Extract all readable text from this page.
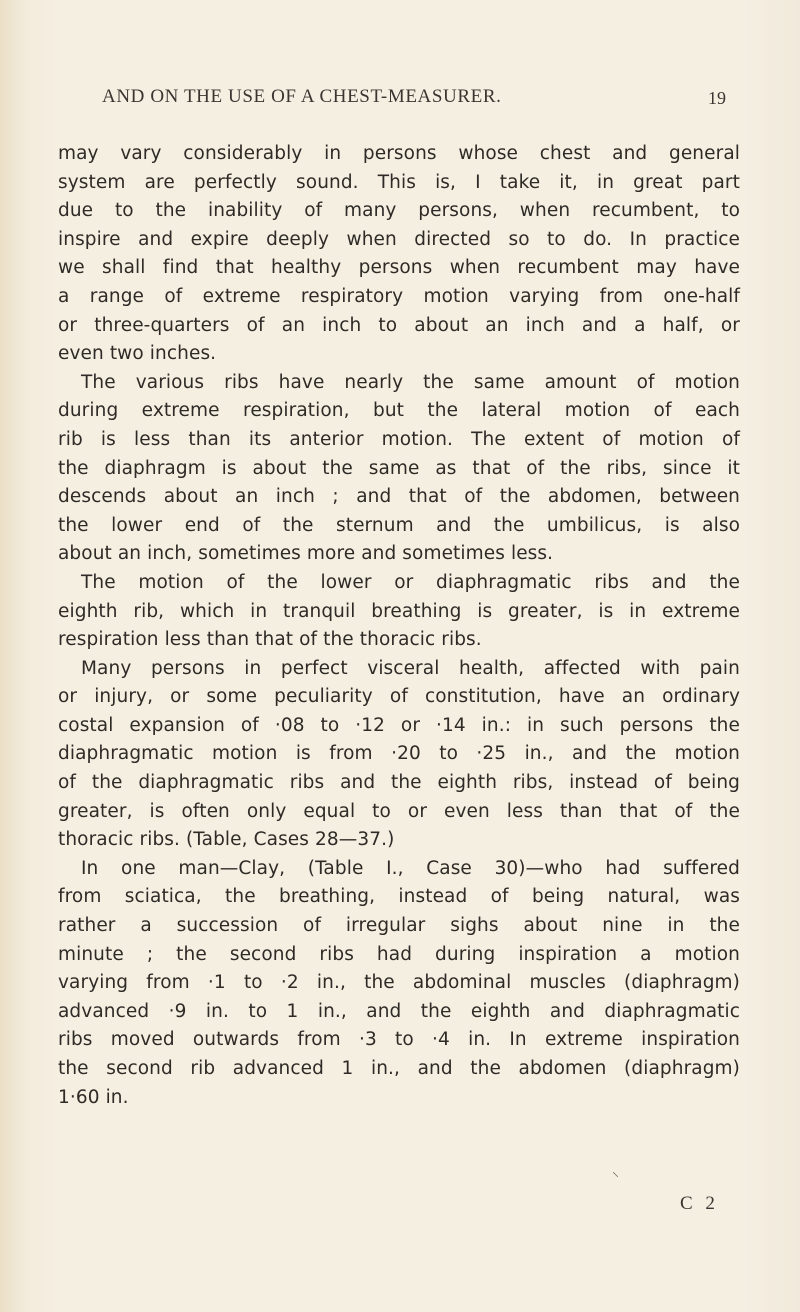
AND ON THE USE OF A CHEST-MEASURER.	19
may vary considerably in persons whose chest and general
system are perfectly sound. This is, I take it, in great part
due to the inability of many persons, when recumbent, to
inspire and expire deeply when directed so to do. In practice
we shall find that healthy persons when recumbent may have
a range of extreme respiratory motion varying from one-half
or three-quarters of an inch to about an inch and a half, or
even two inches.
The various ribs have nearly the same amount of motion
during extreme respiration, but the lateral motion of each
rib is less than its anterior motion. The extent of motion of
the diaphragm is about the same as that of the ribs, since it
descends about an inch ; and that of the abdomen, between
the lower end of the sternum and the umbilicus, is also
about an inch, sometimes more and sometimes less.
The motion of the lower or diaphragmatic ribs and the
eighth rib, which in tranquil breathing is greater, is in extreme
respiration less than that of the thoracic ribs.
Many persons in perfect visceral health, affected with pain
or injury, or some peculiarity of constitution, have an ordinary
costal expansion of ·08 to ·12 or ·14 in.: in such persons the
diaphragmatic motion is from ·20 to ·25 in., and the motion
of the diaphragmatic ribs and the eighth ribs, instead of being
greater, is often only equal to or even less than that of the
thoracic ribs. (Table, Cases 28—37.)
In one man—Clay, (Table I., Case 30)—who had suffered
from sciatica, the breathing, instead of being natural, was
rather a succession of irregular sighs about nine in the
minute ; the second ribs had during inspiration a motion
varying from ·1 to ·2 in., the abdominal muscles (diaphragm)
advanced ·9 in. to 1 in., and the eighth and diaphragmatic
ribs moved outwards from ·3 to ·4 in. In extreme inspiration
the second rib advanced 1 in., and the abdomen (diaphragm)
1·60 in.
⸜
C 2
